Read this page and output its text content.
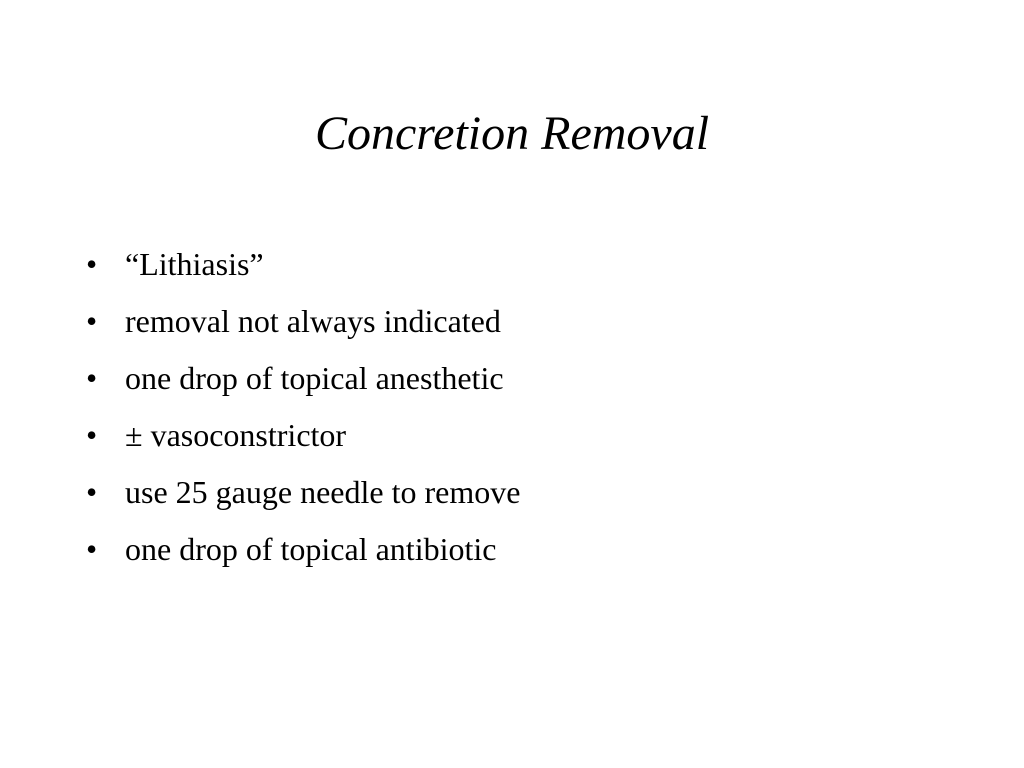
Concretion Removal
• “Lithiasis”
• removal not always indicated
• one drop of topical anesthetic
• ± vasoconstrictor
• use 25 gauge needle to remove
• one drop of topical antibiotic
